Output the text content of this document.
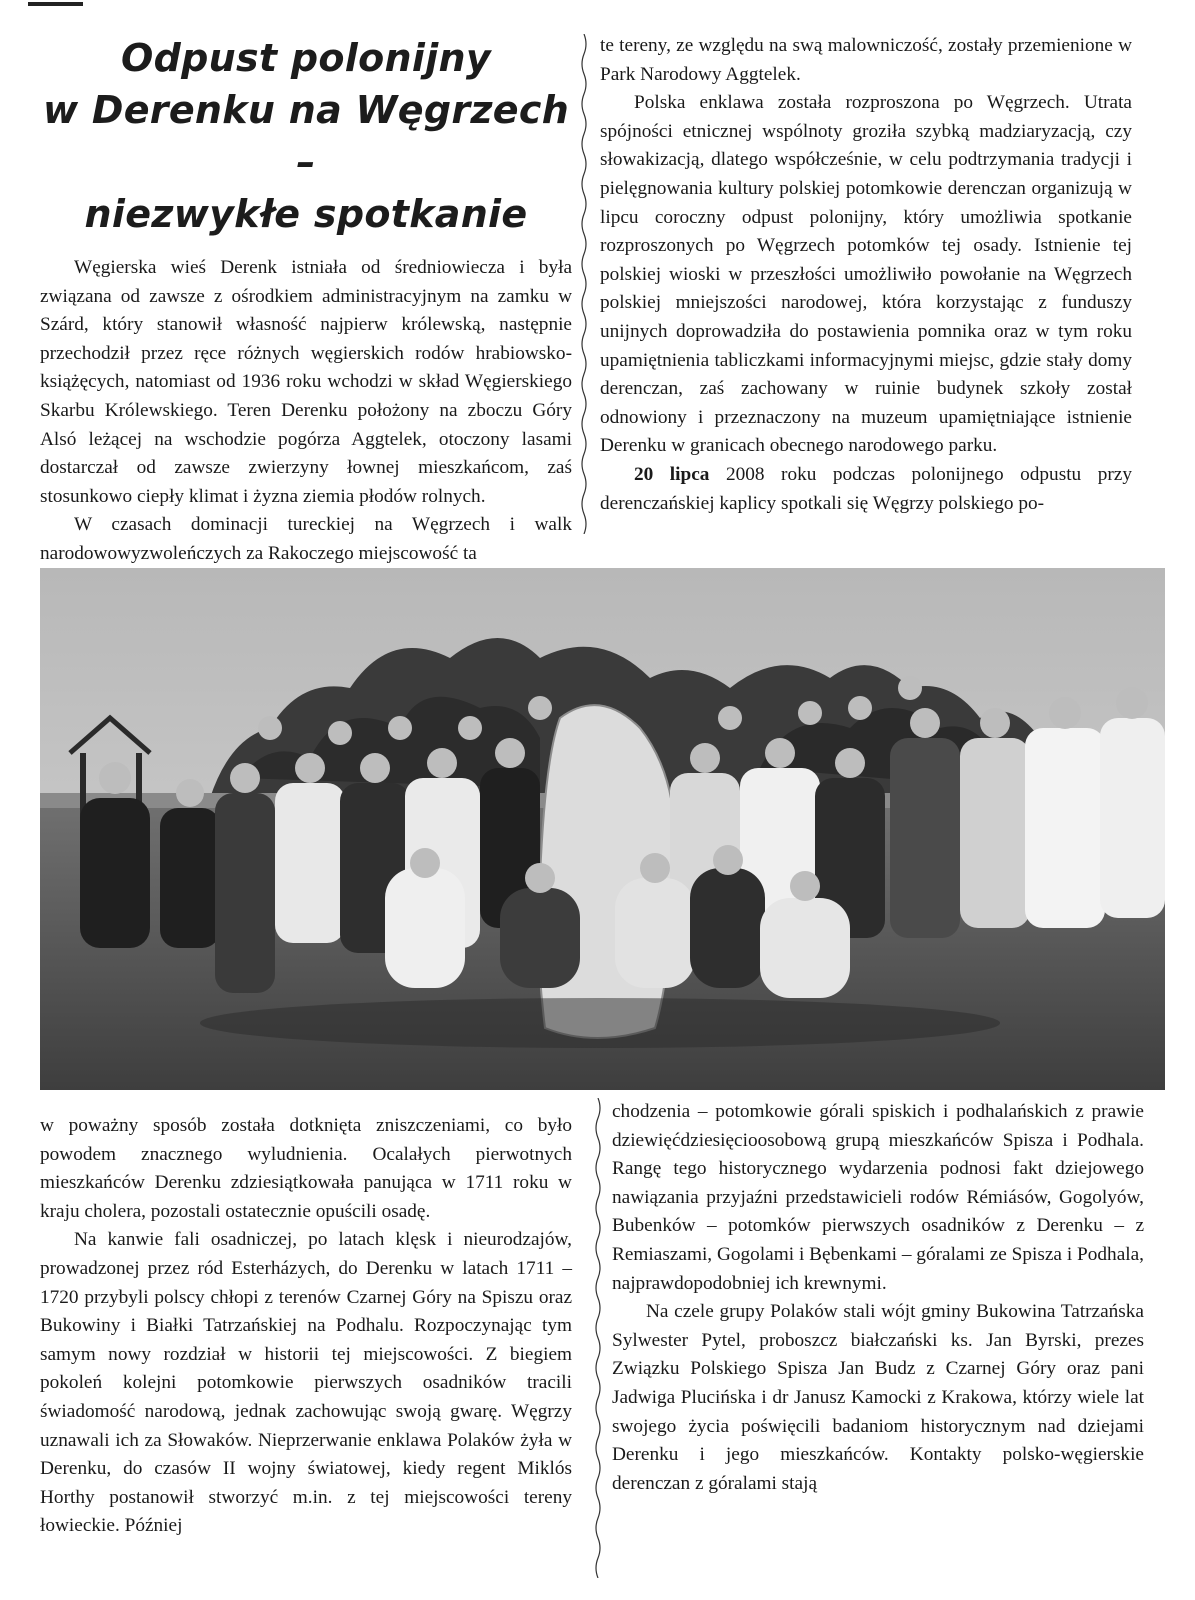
Odpust polonijny
w Derenku na Węgrzech –
niezwykłe spotkanie

Węgierska wieś Derenk istniała od średniowiecza i była związana od zawsze z ośrodkiem administracyjnym na zamku w Szárd, który stanowił własność najpierw królewską, następnie przechodził przez ręce różnych węgierskich rodów hrabiowsko-książęcych, natomiast od 1936 roku wchodzi w skład Węgierskiego Skarbu Królewskiego. Teren Derenku położony na zboczu Góry Alsó leżącej na wschodzie pogórza Aggtelek, otoczony lasami dostarczał od zawsze zwierzyny łownej mieszkańcom, zaś stosunkowo ciepły klimat i żyzna ziemia płodów rolnych.

W czasach dominacji tureckiej na Węgrzech i walk narodowowyzwoleńczych za Rakoczego miejscowość ta

te tereny, ze względu na swą malowniczość, zostały przemienione w Park Narodowy Aggtelek.

Polska enklawa została rozproszona po Węgrzech. Utrata spójności etnicznej wspólnoty groziła szybką madziaryzacją, czy słowakizacją, dlatego współcześnie, w celu podtrzymania tradycji i pielęgnowania kultury polskiej potomkowie derenczan organizują w lipcu coroczny odpust polonijny, który umożliwia spotkanie rozproszonych po Węgrzech potomków tej osady. Istnienie tej polskiej wioski w przeszłości umożliwiło powołanie na Węgrzech polskiej mniejszości narodowej, która korzystając z funduszy unijnych doprowadziła do postawienia pomnika oraz w tym roku upamiętnienia tabliczkami informacyjnymi miejsc, gdzie stały domy derenczan, zaś zachowany w ruinie budynek szkoły został odnowiony i przeznaczony na muzeum upamiętniające istnienie Derenku w granicach obecnego narodowego parku.

20 lipca 2008 roku podczas polonijnego odpustu przy derenczańskiej kaplicy spotkali się Węgrzy polskiego po-

w poważny sposób została dotknięta zniszczeniami, co było powodem znacznego wyludnienia. Ocalałych pierwotnych mieszkańców Derenku zdziesiątkowała panująca w 1711 roku w kraju cholera, pozostali ostatecznie opuścili osadę.

Na kanwie fali osadniczej, po latach klęsk i nieurodzajów, prowadzonej przez ród Esterházych, do Derenku w latach 1711 – 1720 przybyli polscy chłopi z terenów Czarnej Góry na Spiszu oraz Bukowiny i Białki Tatrzańskiej na Podhalu. Rozpoczynając tym samym nowy rozdział w historii tej miejscowości. Z biegiem pokoleń kolejni potomkowie pierwszych osadników tracili świadomość narodową, jednak zachowując swoją gwarę. Węgrzy uznawali ich za Słowaków. Nieprzerwanie enklawa Polaków żyła w Derenku, do czasów II wojny światowej, kiedy regent Miklós Horthy postanowił stworzyć m.in. z tej miejscowości tereny łowieckie. Później

chodzenia – potomkowie górali spiskich i podhalańskich z prawie dziewięćdziesięcioosobową grupą mieszkańców Spisza i Podhala. Rangę tego historycznego wydarzenia podnosi fakt dziejowego nawiązania przyjaźni przedstawicieli rodów Rémiásów, Gogolyów, Bubenków – potomków pierwszych osadników z Derenku – z Remiaszami, Gogolami i Bębenkami – góralami ze Spisza i Podhala, najprawdopodobniej ich krewnymi.

Na czele grupy Polaków stali wójt gminy Bukowina Tatrzańska Sylwester Pytel, proboszcz białczański ks. Jan Byrski, prezes Związku Polskiego Spisza Jan Budz z Czarnej Góry oraz pani Jadwiga Plucińska i dr Janusz Kamocki z Krakowa, którzy wiele lat swojego życia poświęcili badaniom historycznym nad dziejami Derenku i jego mieszkańców. Kontakty polsko-węgierskie derenczan z góralami stają
